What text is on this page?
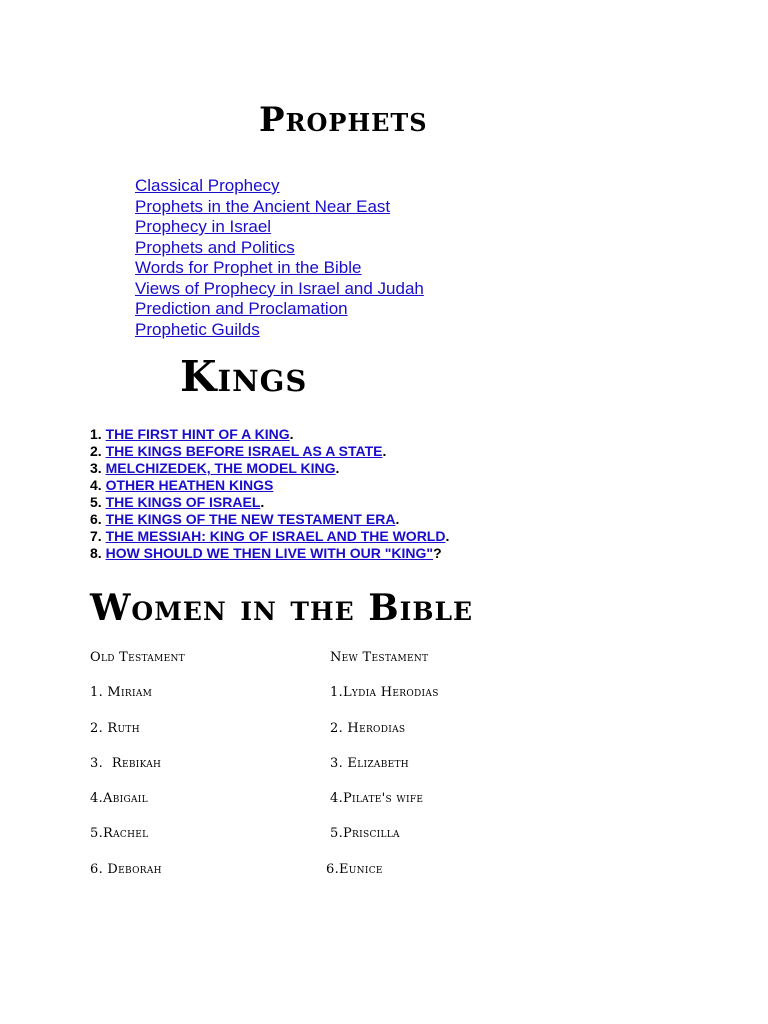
Prophets
Classical Prophecy
Prophets in the Ancient Near East
Prophecy in Israel
Prophets and Politics
Words for Prophet in the Bible
Views of Prophecy in Israel and Judah
Prediction and Proclamation
Prophetic Guilds
Kings
1. THE FIRST HINT OF A KING.
2. THE KINGS BEFORE ISRAEL AS A STATE.
3. MELCHIZEDEK, THE MODEL KING.
4. OTHER HEATHEN KINGS
5. THE KINGS OF ISRAEL.
6. THE KINGS OF THE NEW TESTAMENT ERA.
7. THE MESSIAH: KING OF ISRAEL AND THE WORLD.
8. HOW SHOULD WE THEN LIVE WITH OUR "KING"?
Women in the Bible
Old Testament	New Testament
1. Miriam	1.Lydia Herodias
2. Ruth	2. Herodias
3.  Rebikah	3. Elizabeth
4.Abigail	4.Pilate's wife
5.Rachel	5.Priscilla
6. Deborah	6.Eunice
